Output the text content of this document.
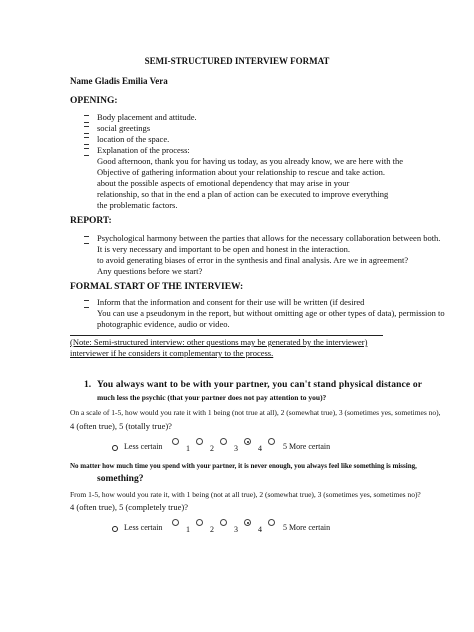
SEMI-STRUCTURED INTERVIEW FORMAT
Name Gladis Emilia Vera
OPENING:
Body placement and attitude.
social greetings
location of the space.
Explanation of the process:
Good afternoon, thank you for having us today, as you already know, we are here with the
Objective of gathering information about your relationship to rescue and take action.
about the possible aspects of emotional dependency that may arise in your
relationship, so that in the end a plan of action can be executed to improve everything
the problematic factors.
REPORT:
Psychological harmony between the parties that allows for the necessary collaboration between both.
It is very necessary and important to be open and honest in the interaction.
to avoid generating biases of error in the synthesis and final analysis. Are we in agreement?
Any questions before we start?
FORMAL START OF THE INTERVIEW:
Inform that the information and consent for their use will be written (if desired
You can use a pseudonym in the report, but without omitting age or other types of data), permission to
photographic evidence, audio or video.
(Note: Semi-structured interview: other questions may be generated by the interviewer)
interviewer if he considers it complementary to the process.
1. You always want to be with your partner, you can't stand physical distance or
much less the psychic (that your partner does not pay attention to you)?
On a scale of 1-5, how would you rate it with 1 being (not true at all), 2 (somewhat true), 3 (sometimes yes, sometimes no),
4 (often true), 5 (totally true)?
Less certain	1	2	3	4	5 More certain
No matter how much time you spend with your partner, it is never enough, you always feel like something is missing,
something?
From 1-5, how would you rate it, with 1 being (not at all true), 2 (somewhat true), 3 (sometimes yes, sometimes no)?
4 (often true), 5 (completely true)?
Less certain	1	2	3	4	5 More certain
